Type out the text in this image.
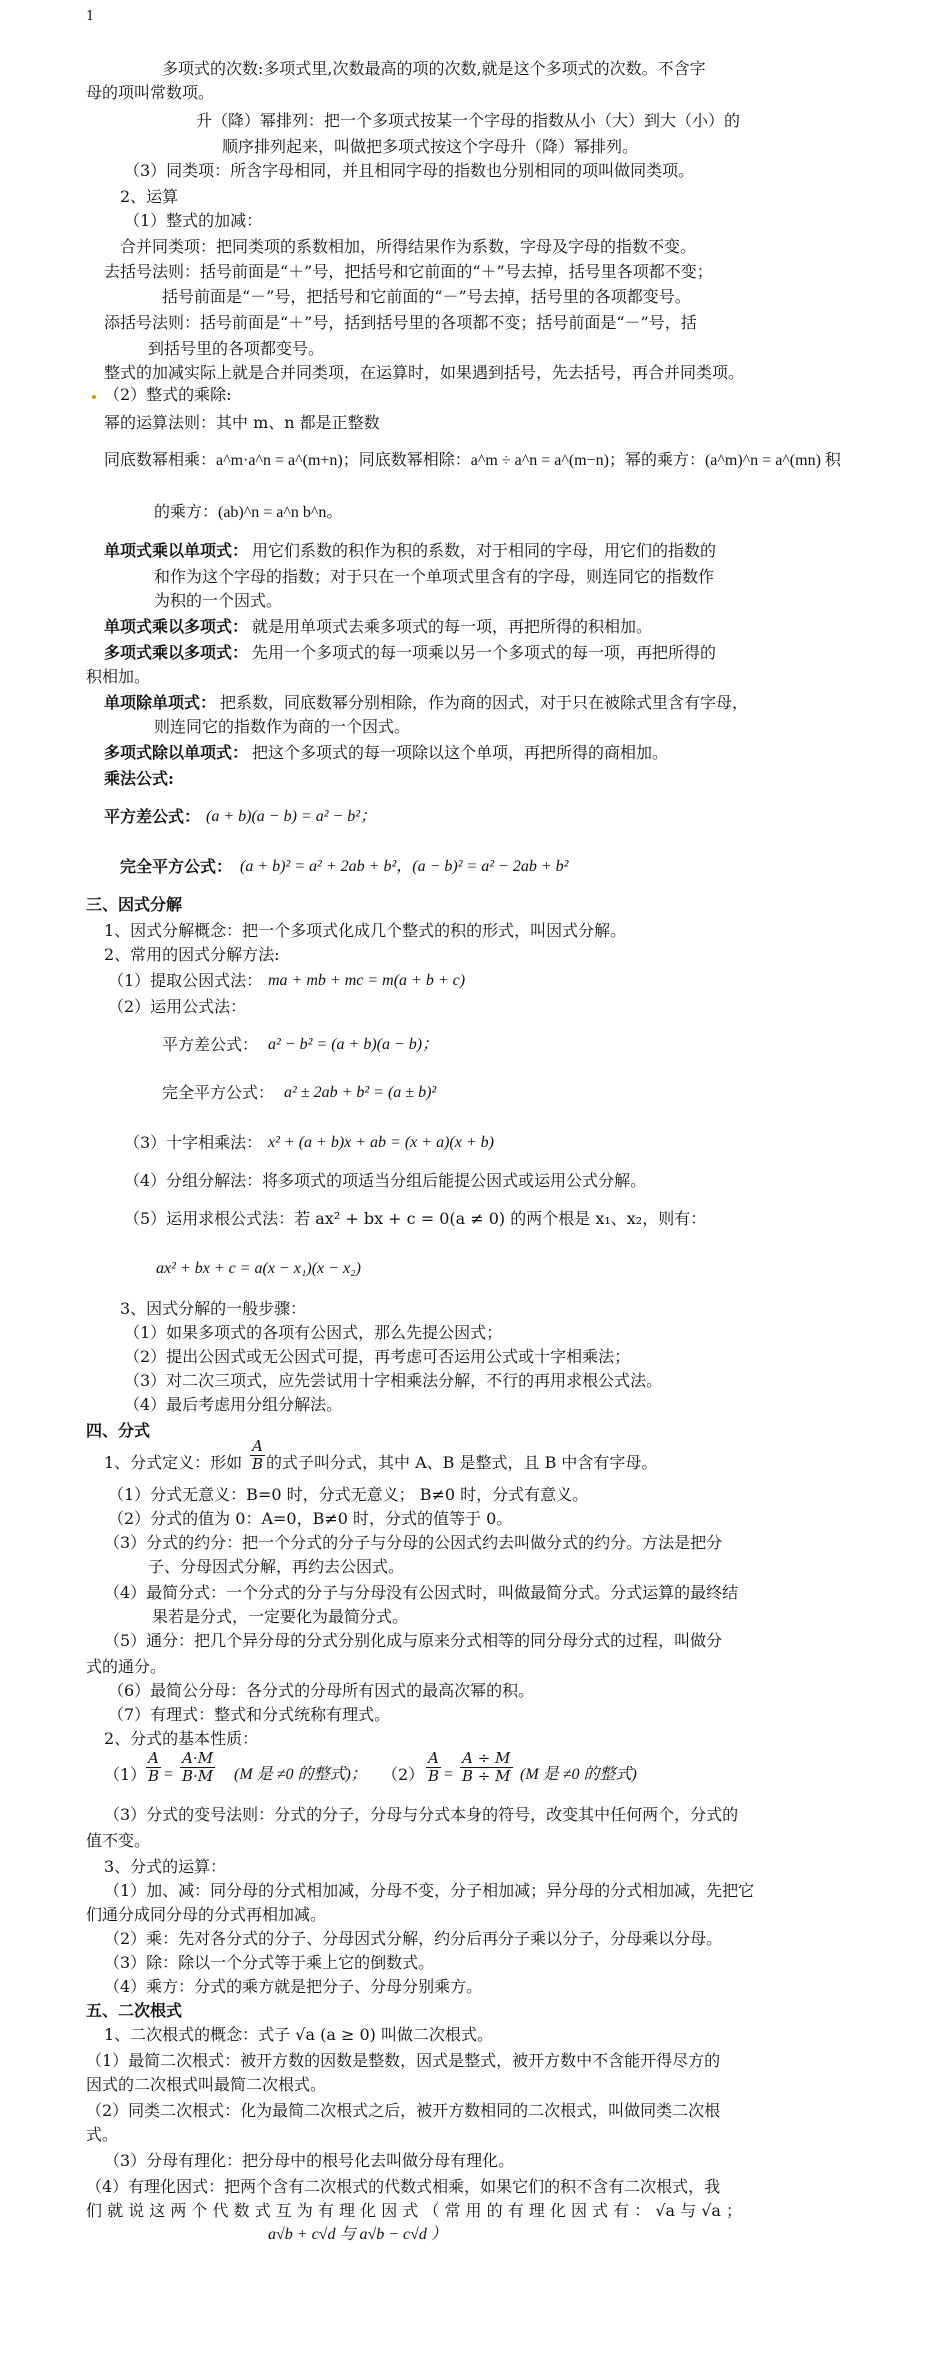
1
多项式的次数:多项式里,次数最高的项的次数,就是这个多项式的次数。不含字
母的项叫常数项。
升（降）幂排列：把一个多项式按某一个字母的指数从小（大）到大（小）的
顺序排列起来，叫做把多项式按这个字母升（降）幂排列。
（3）同类项：所含字母相同，并且相同字母的指数也分别相同的项叫做同类项。
2、运算
（1）整式的加减：
合并同类项：把同类项的系数相加，所得结果作为系数，字母及字母的指数不变。
去括号法则：括号前面是“＋”号，把括号和它前面的“＋”号去掉，括号里各项都不变；
括号前面是“－”号，把括号和它前面的“－”号去掉，括号里的各项都变号。
添括号法则：括号前面是“＋”号，括到括号里的各项都不变；括号前面是“－”号，括
到括号里的各项都变号。
整式的加减实际上就是合并同类项，在运算时，如果遇到括号，先去括号，再合并同类项。
（2）整式的乘除:
幂的运算法则：其中 m、n 都是正整数
同底数幂相乘：a^m·a^n = a^(m+n)；同底数幂相除：a^m ÷ a^n = a^(m−n)；幂的乘方：(a^m)^n = a^(mn) 积
的乘方：(ab)^n = a^n b^n。
单项式乘以单项式： 用它们系数的积作为积的系数，对于相同的字母，用它们的指数的
和作为这个字母的指数；对于只在一个单项式里含有的字母，则连同它的指数作
为积的一个因式。
单项式乘以多项式： 就是用单项式去乘多项式的每一项，再把所得的积相加。
多项式乘以多项式： 先用一个多项式的每一项乘以另一个多项式的每一项，再把所得的
积相加。
单项除单项式： 把系数，同底数幂分别相除，作为商的因式，对于只在被除式里含有字母，
则连同它的指数作为商的一个因式。
多项式除以单项式： 把这个多项式的每一项除以这个单项，再把所得的商相加。
乘法公式:
平方差公式： (a + b)(a − b) = a² − b²；
完全平方公式： (a + b)² = a² + 2ab + b²，(a − b)² = a² − 2ab + b²
三、因式分解
1、因式分解概念：把一个多项式化成几个整式的积的形式，叫因式分解。
2、常用的因式分解方法:
（1）提取公因式法： ma + mb + mc = m(a + b + c)
（2）运用公式法：
平方差公式： a² − b² = (a + b)(a − b)；
完全平方公式： a² ± 2ab + b² = (a ± b)²
（3）十字相乘法： x² + (a + b)x + ab = (x + a)(x + b)
（4）分组分解法：将多项式的项适当分组后能提公因式或运用公式分解。
（5）运用求根公式法：若 ax² + bx + c = 0(a ≠ 0) 的两个根是 x₁、x₂，则有：
ax² + bx + c = a(x − x₁)(x − x₂)
3、因式分解的一般步骤：
（1）如果多项式的各项有公因式，那么先提公因式；
（2）提出公因式或无公因式可提，再考虑可否运用公式或十字相乘法；
（3）对二次三项式，应先尝试用十字相乘法分解，不行的再用求根公式法。
（4）最后考虑用分组分解法。
四、分式
1、分式定义：形如 $\frac{A}{B}$ 的式子叫分式，其中 A、B 是整式，且 B 中含有字母。
（1）分式无意义：B=0 时，分式无意义； B≠0 时，分式有意义。
（2）分式的值为 0：A=0，B≠0 时，分式的值等于 0。
（3）分式的约分：把一个分式的分子与分母的公因式约去叫做分式的约分。方法是把分
子、分母因式分解，再约去公因式。
（4）最简分式：一个分式的分子与分母没有公因式时，叫做最简分式。分式运算的最终结
果若是分式，一定要化为最简分式。
（5）通分：把几个异分母的分式分别化成与原来分式相等的同分母分式的过程，叫做分
式的通分。
（6）最简公分母：各分式的分母所有因式的最高次幂的积。
（7）有理式：整式和分式统称有理式。
2、分式的基本性质：
$(1) \frac{A}{B} = \frac{A\cdot M}{B\cdot M} (M$ 是 ≠0 的整式)； $(2) \frac{A}{B} = \frac{A \div M}{B \div M} (M$ 是 ≠0 的整式)
（3）分式的变号法则：分式的分子，分母与分式本身的符号，改变其中任何两个，分式的
值不变。
3、分式的运算：
（1）加、减：同分母的分式相加减，分母不变，分子相加减；异分母的分式相加减，先把它
们通分成同分母的分式再相加减。
（2）乘：先对各分式的分子、分母因式分解，约分后再分子乘以分子，分母乘以分母。
（3）除：除以一个分式等于乘上它的倒数式。
（4）乘方：分式的乘方就是把分子、分母分别乘方。
五、二次根式
1、二次根式的概念：式子 √a (a ≥ 0) 叫做二次根式。
（1）最简二次根式：被开方数的因数是整数，因式是整式，被开方数中不含能开得尽方的
因式的二次根式叫最简二次根式。
（2）同类二次根式：化为最简二次根式之后，被开方数相同的二次根式，叫做同类二次根
式。
（3）分母有理化：把分母中的根号化去叫做分母有理化。
（4）有理化因式：把两个含有二次根式的代数式相乘，如果它们的积不含有二次根式，我
们 就 说 这 两 个 代 数 式 互 为 有 理 化 因 式 （ 常 用 的 有 理 化 因 式 有 ： √a 与 √a ；
a√b + c√d 与 a√b − c√d ）
